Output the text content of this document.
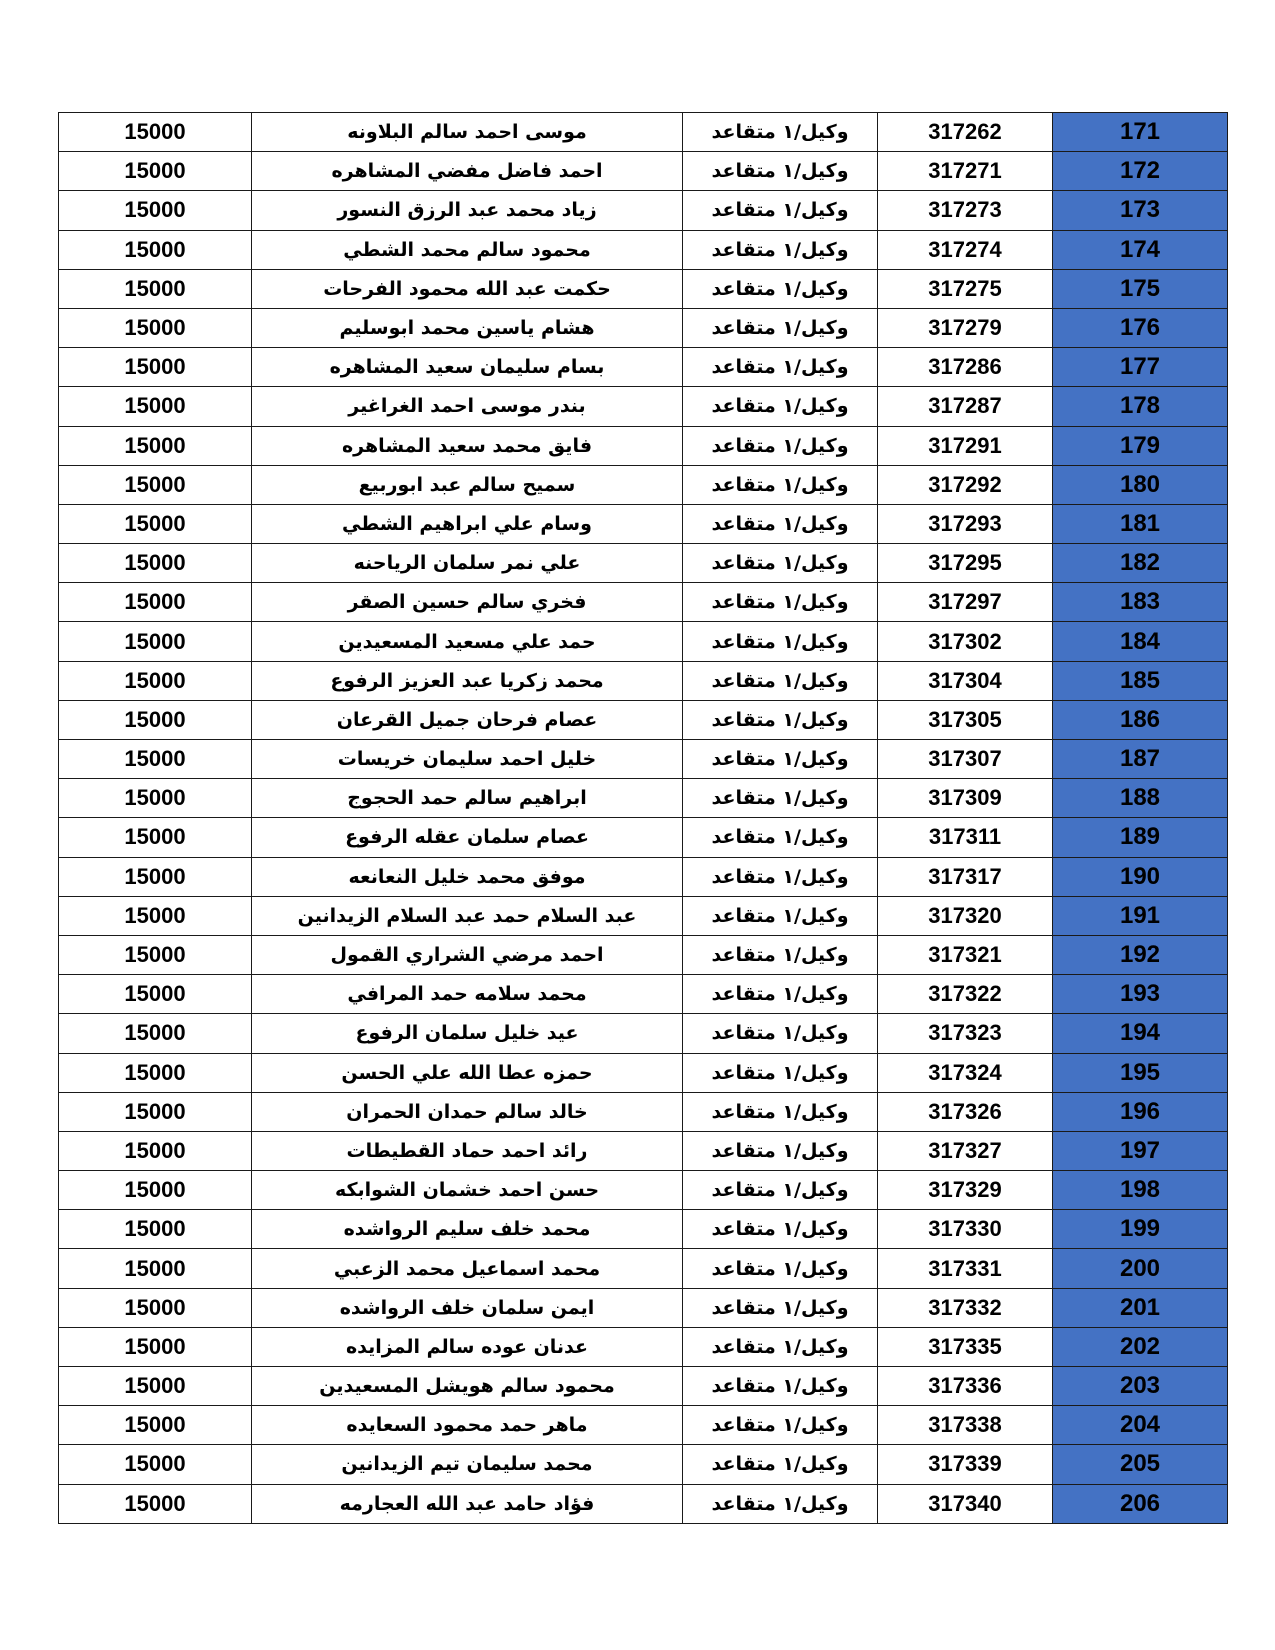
15000	موسى احمد سالم البلاونه	وكيل/١ متقاعد	317262	171
15000	احمد فاضل مفضي المشاهره	وكيل/١ متقاعد	317271	172
15000	زياد محمد عبد الرزق النسور	وكيل/١ متقاعد	317273	173
15000	محمود سالم محمد الشطي	وكيل/١ متقاعد	317274	174
15000	حكمت عبد الله محمود الفرحات	وكيل/١ متقاعد	317275	175
15000	هشام ياسين محمد ابوسليم	وكيل/١ متقاعد	317279	176
15000	بسام سليمان سعيد المشاهره	وكيل/١ متقاعد	317286	177
15000	بندر موسى احمد الغراغير	وكيل/١ متقاعد	317287	178
15000	فايق محمد سعيد المشاهره	وكيل/١ متقاعد	317291	179
15000	سميح سالم عبد ابوربيع	وكيل/١ متقاعد	317292	180
15000	وسام علي ابراهيم الشطي	وكيل/١ متقاعد	317293	181
15000	علي نمر سلمان الرياحنه	وكيل/١ متقاعد	317295	182
15000	فخري سالم حسين الصقر	وكيل/١ متقاعد	317297	183
15000	حمد علي مسعيد المسعيدين	وكيل/١ متقاعد	317302	184
15000	محمد زكريا عبد العزيز الرفوع	وكيل/١ متقاعد	317304	185
15000	عصام فرحان جميل القرعان	وكيل/١ متقاعد	317305	186
15000	خليل احمد سليمان خريسات	وكيل/١ متقاعد	317307	187
15000	ابراهيم سالم حمد الحجوج	وكيل/١ متقاعد	317309	188
15000	عصام سلمان عقله الرفوع	وكيل/١ متقاعد	317311	189
15000	موفق محمد خليل النعانعه	وكيل/١ متقاعد	317317	190
15000	عبد السلام حمد عبد السلام الزيدانين	وكيل/١ متقاعد	317320	191
15000	احمد مرضي الشراري القمول	وكيل/١ متقاعد	317321	192
15000	محمد سلامه حمد المرافي	وكيل/١ متقاعد	317322	193
15000	عيد خليل سلمان الرفوع	وكيل/١ متقاعد	317323	194
15000	حمزه عطا الله علي الحسن	وكيل/١ متقاعد	317324	195
15000	خالد سالم حمدان الحمران	وكيل/١ متقاعد	317326	196
15000	رائد احمد حماد القطيطات	وكيل/١ متقاعد	317327	197
15000	حسن احمد خشمان الشوابكه	وكيل/١ متقاعد	317329	198
15000	محمد خلف سليم الرواشده	وكيل/١ متقاعد	317330	199
15000	محمد اسماعيل محمد الزعبي	وكيل/١ متقاعد	317331	200
15000	ايمن سلمان خلف الرواشده	وكيل/١ متقاعد	317332	201
15000	عدنان عوده سالم المزايده	وكيل/١ متقاعد	317335	202
15000	محمود سالم هويشل المسعيدين	وكيل/١ متقاعد	317336	203
15000	ماهر حمد محمود السعايده	وكيل/١ متقاعد	317338	204
15000	محمد سليمان تيم الزيدانين	وكيل/١ متقاعد	317339	205
15000	فؤاد حامد عبد الله العجارمه	وكيل/١ متقاعد	317340	206
